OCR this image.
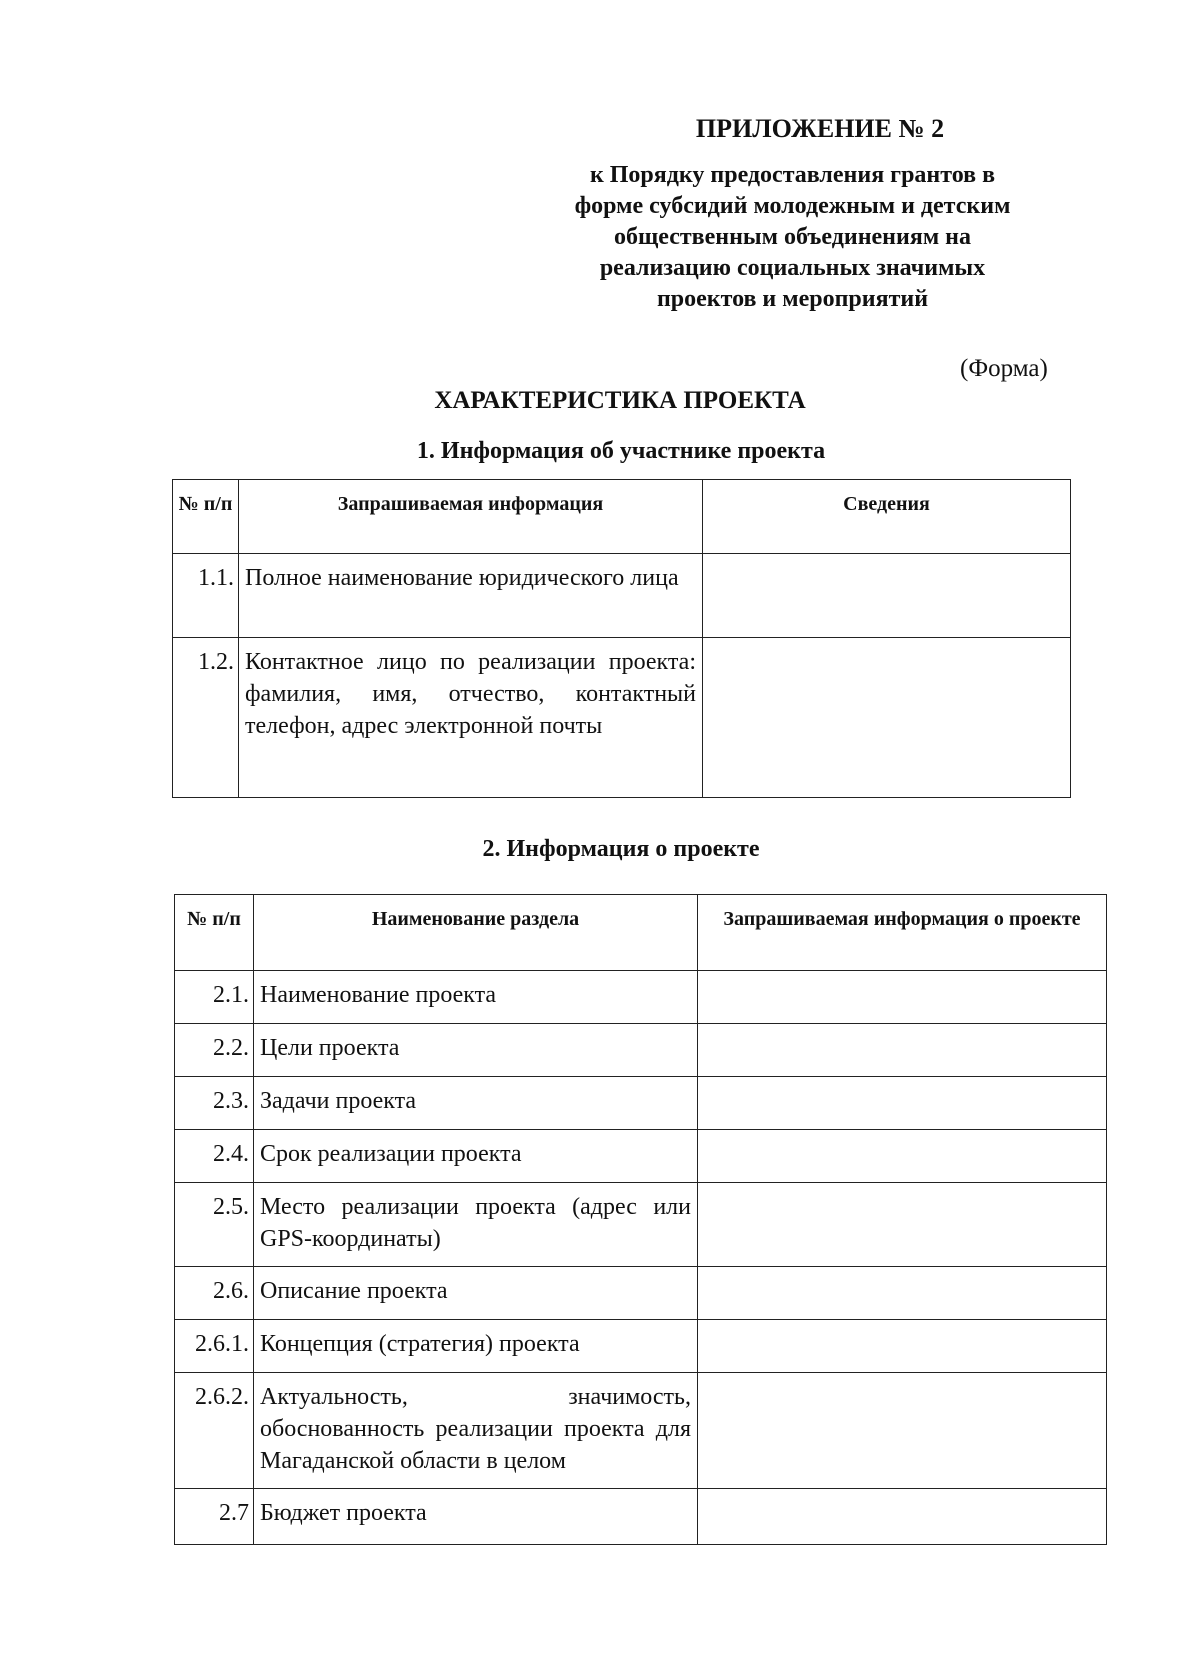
ПРИЛОЖЕНИЕ № 2
к Порядку предоставления грантов в
форме субсидий молодежным и детским
общественным объединениям на
реализацию социальных значимых
проектов и мероприятий
(Форма)
ХАРАКТЕРИСТИКА ПРОЕКТА
1. Информация об участнике проекта
№ п/п	Запрашиваемая информация	Сведения
1.1.	Полное наименование юридического лица	
1.2.	Контактное лицо по реализации проекта: фамилия, имя, отчество, контактный телефон, адрес электронной почты	
2. Информация о проекте
№ п/п	Наименование раздела	Запрашиваемая информация о проекте
2.1.	Наименование проекта	
2.2.	Цели проекта	
2.3.	Задачи проекта	
2.4.	Срок реализации проекта	
2.5.	Место реализации проекта (адрес или GPS-координаты)	
2.6.	Описание проекта	
2.6.1.	Концепция (стратегия) проекта	
2.6.2.	Актуальность, значимость, обоснованность реализации проекта для Магаданской области в целом	
2.7	Бюджет проекта	
